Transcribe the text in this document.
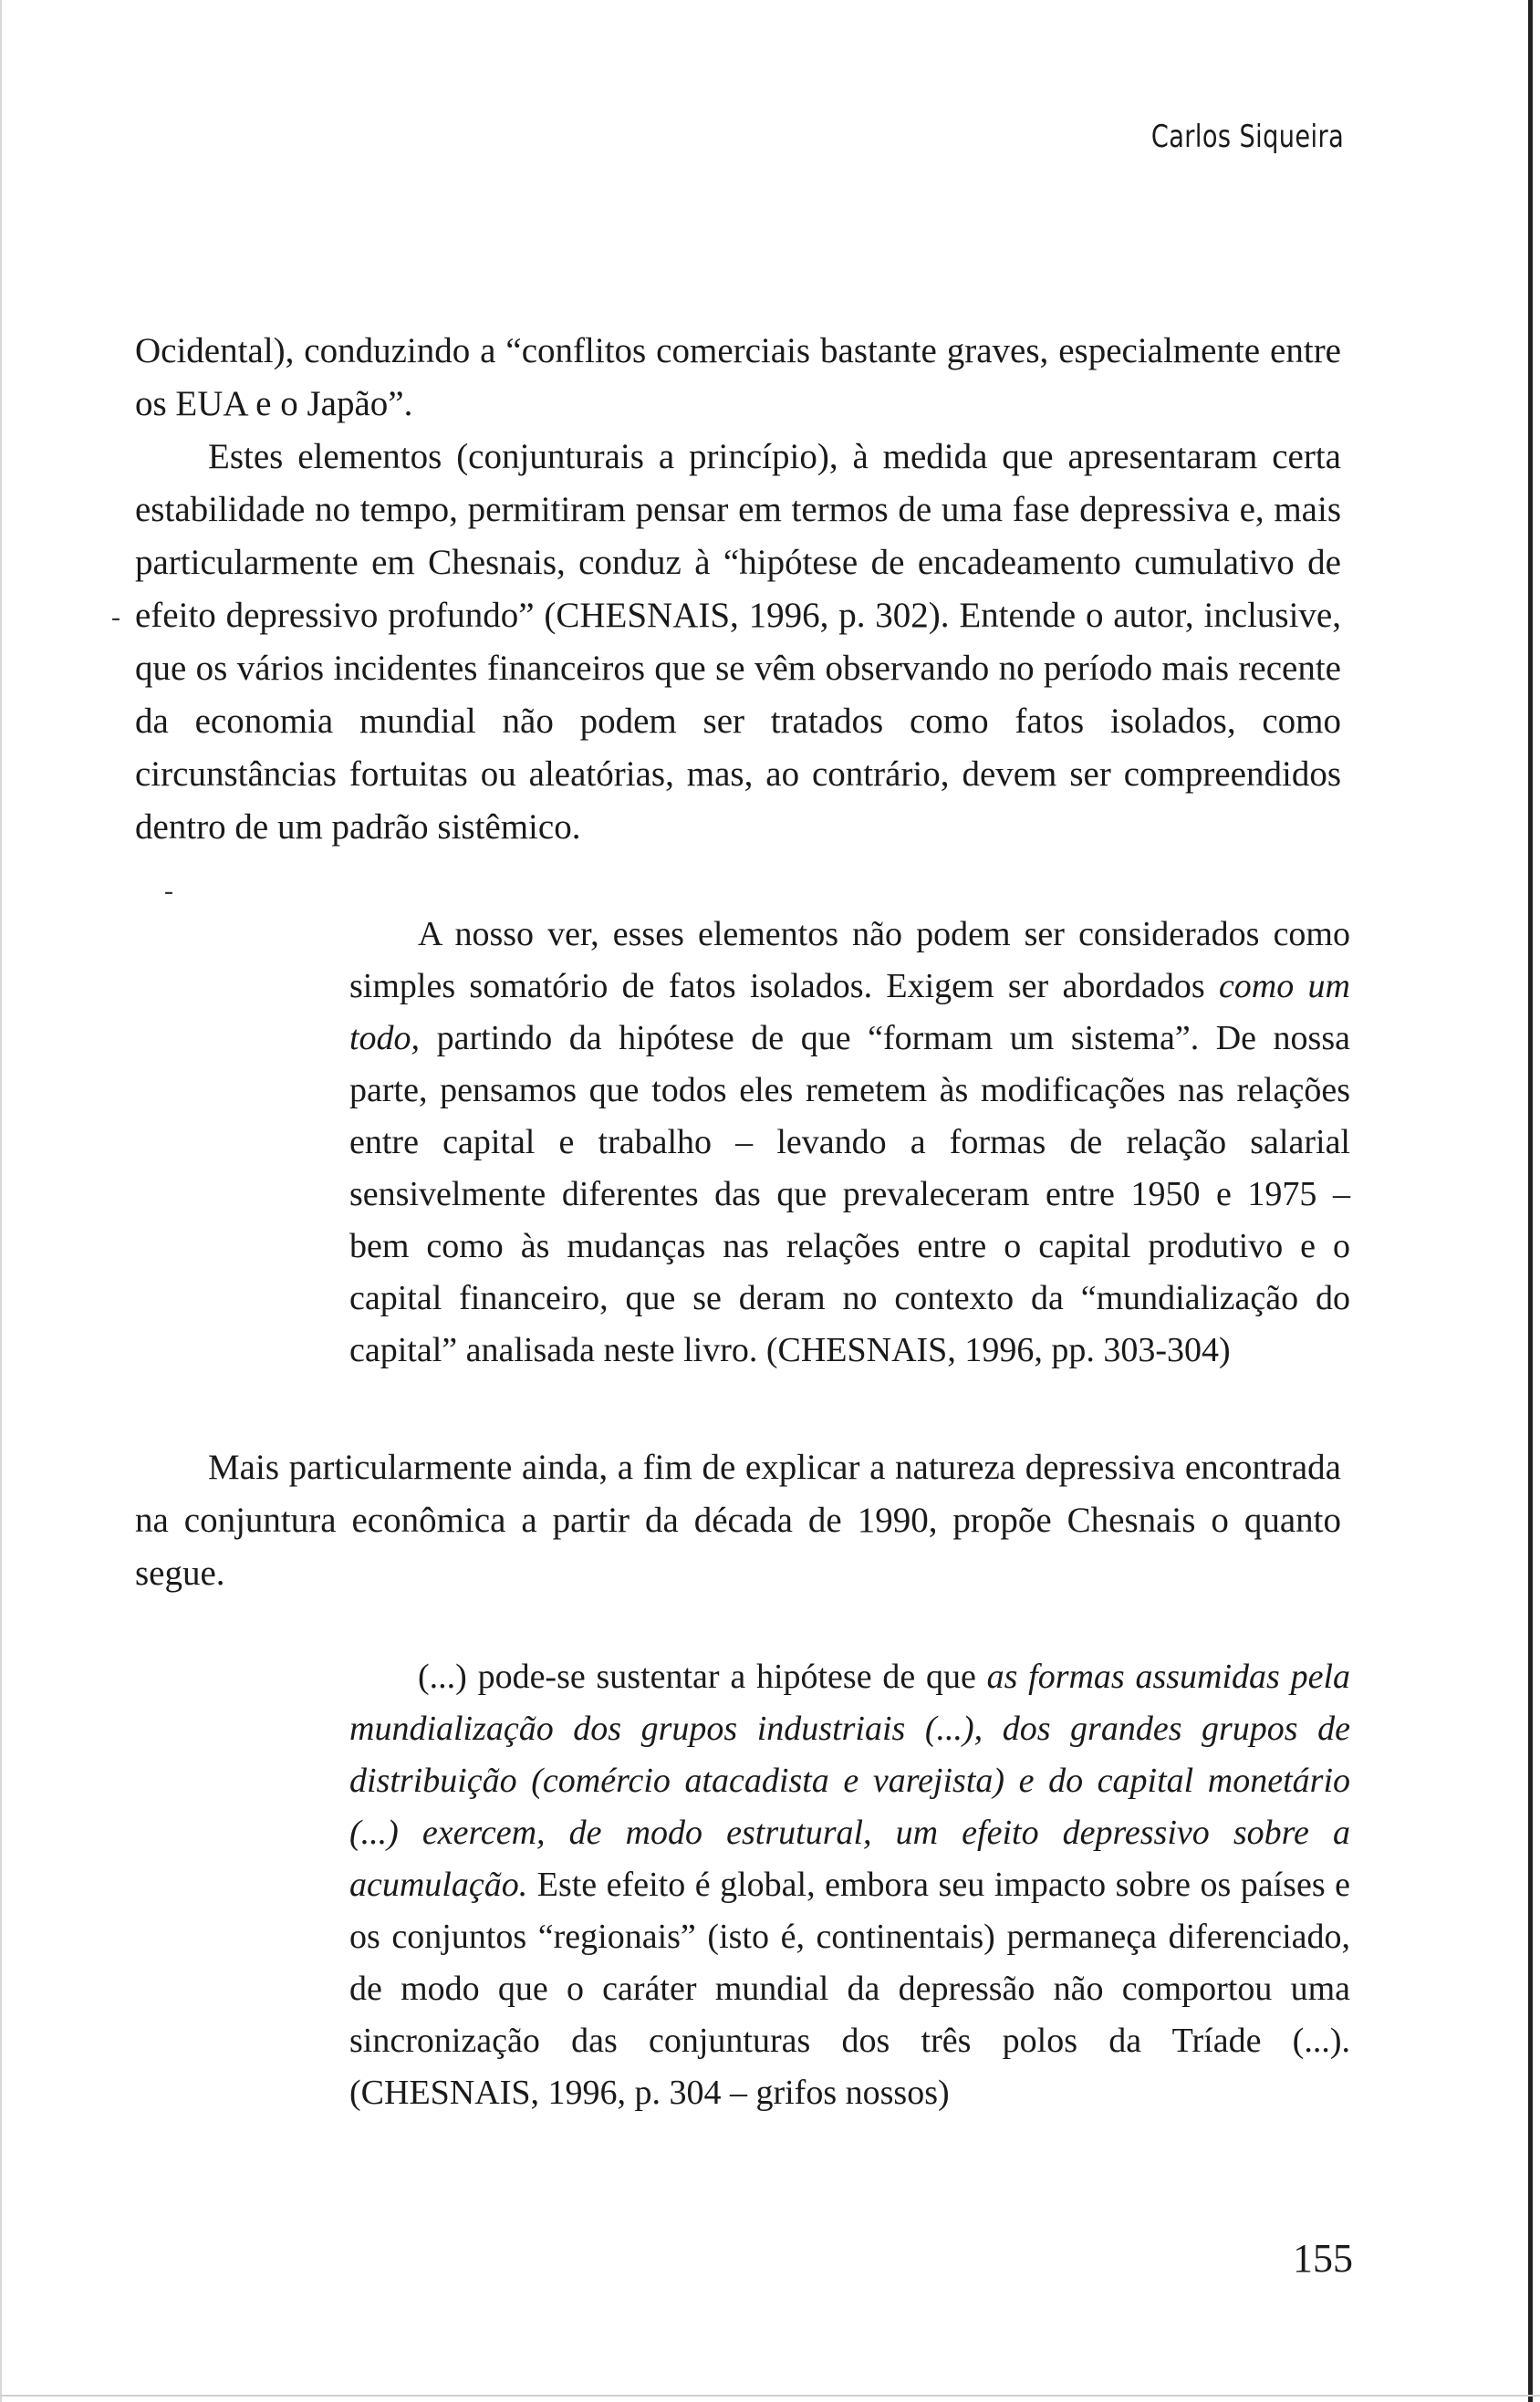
Carlos Siqueira

Ocidental), conduzindo a “conflitos comerciais bastante graves, especialmente entre os EUA e o Japão”.

-

Estes elementos (conjunturais a princípio), à medida que apresentaram certa estabilidade no tempo, permitiram pensar em termos de uma fase depressiva e, mais particularmente em Chesnais, conduz à “hipótese de encadeamento cumulativo de efeito depressivo profundo” (CHESNAIS, 1996, p. 302). Entende o autor, inclusive, que os vários incidentes financeiros que se vêm observando no período mais recente da economia mundial não podem ser tratados como fatos isolados, como circunstâncias fortuitas ou aleatórias, mas, ao contrário, devem ser compreendidos dentro de um padrão sistêmico.

-

A nosso ver, esses elementos não podem ser considerados como simples somatório de fatos isolados. Exigem ser abordados como um todo, partindo da hipótese de que “formam um sistema”. De nossa parte, pensamos que todos eles remetem às modificações nas relações entre capital e trabalho – levando a formas de relação salarial sensivelmente diferentes das que prevaleceram entre 1950 e 1975 – bem como às mudanças nas relações entre o capital produtivo e o capital financeiro, que se deram no contexto da “mundialização do capital” analisada neste livro. (CHESNAIS, 1996, pp. 303-304)

Mais particularmente ainda, a fim de explicar a natureza depressiva encontrada na conjuntura econômica a partir da década de 1990, propõe Chesnais o quanto segue.

(...) pode-se sustentar a hipótese de que as formas assumidas pela mundialização dos grupos industriais (...), dos grandes grupos de distribuição (comércio atacadista e varejista) e do capital monetário (...) exercem, de modo estrutural, um efeito depressivo sobre a acumulação. Este efeito é global, embora seu impacto sobre os países e os conjuntos “regionais” (isto é, continentais) permaneça diferenciado, de modo que o caráter mundial da depressão não comportou uma sincronização das conjunturas dos três polos da Tríade (...). (CHESNAIS, 1996, p. 304 – grifos nossos)

155
